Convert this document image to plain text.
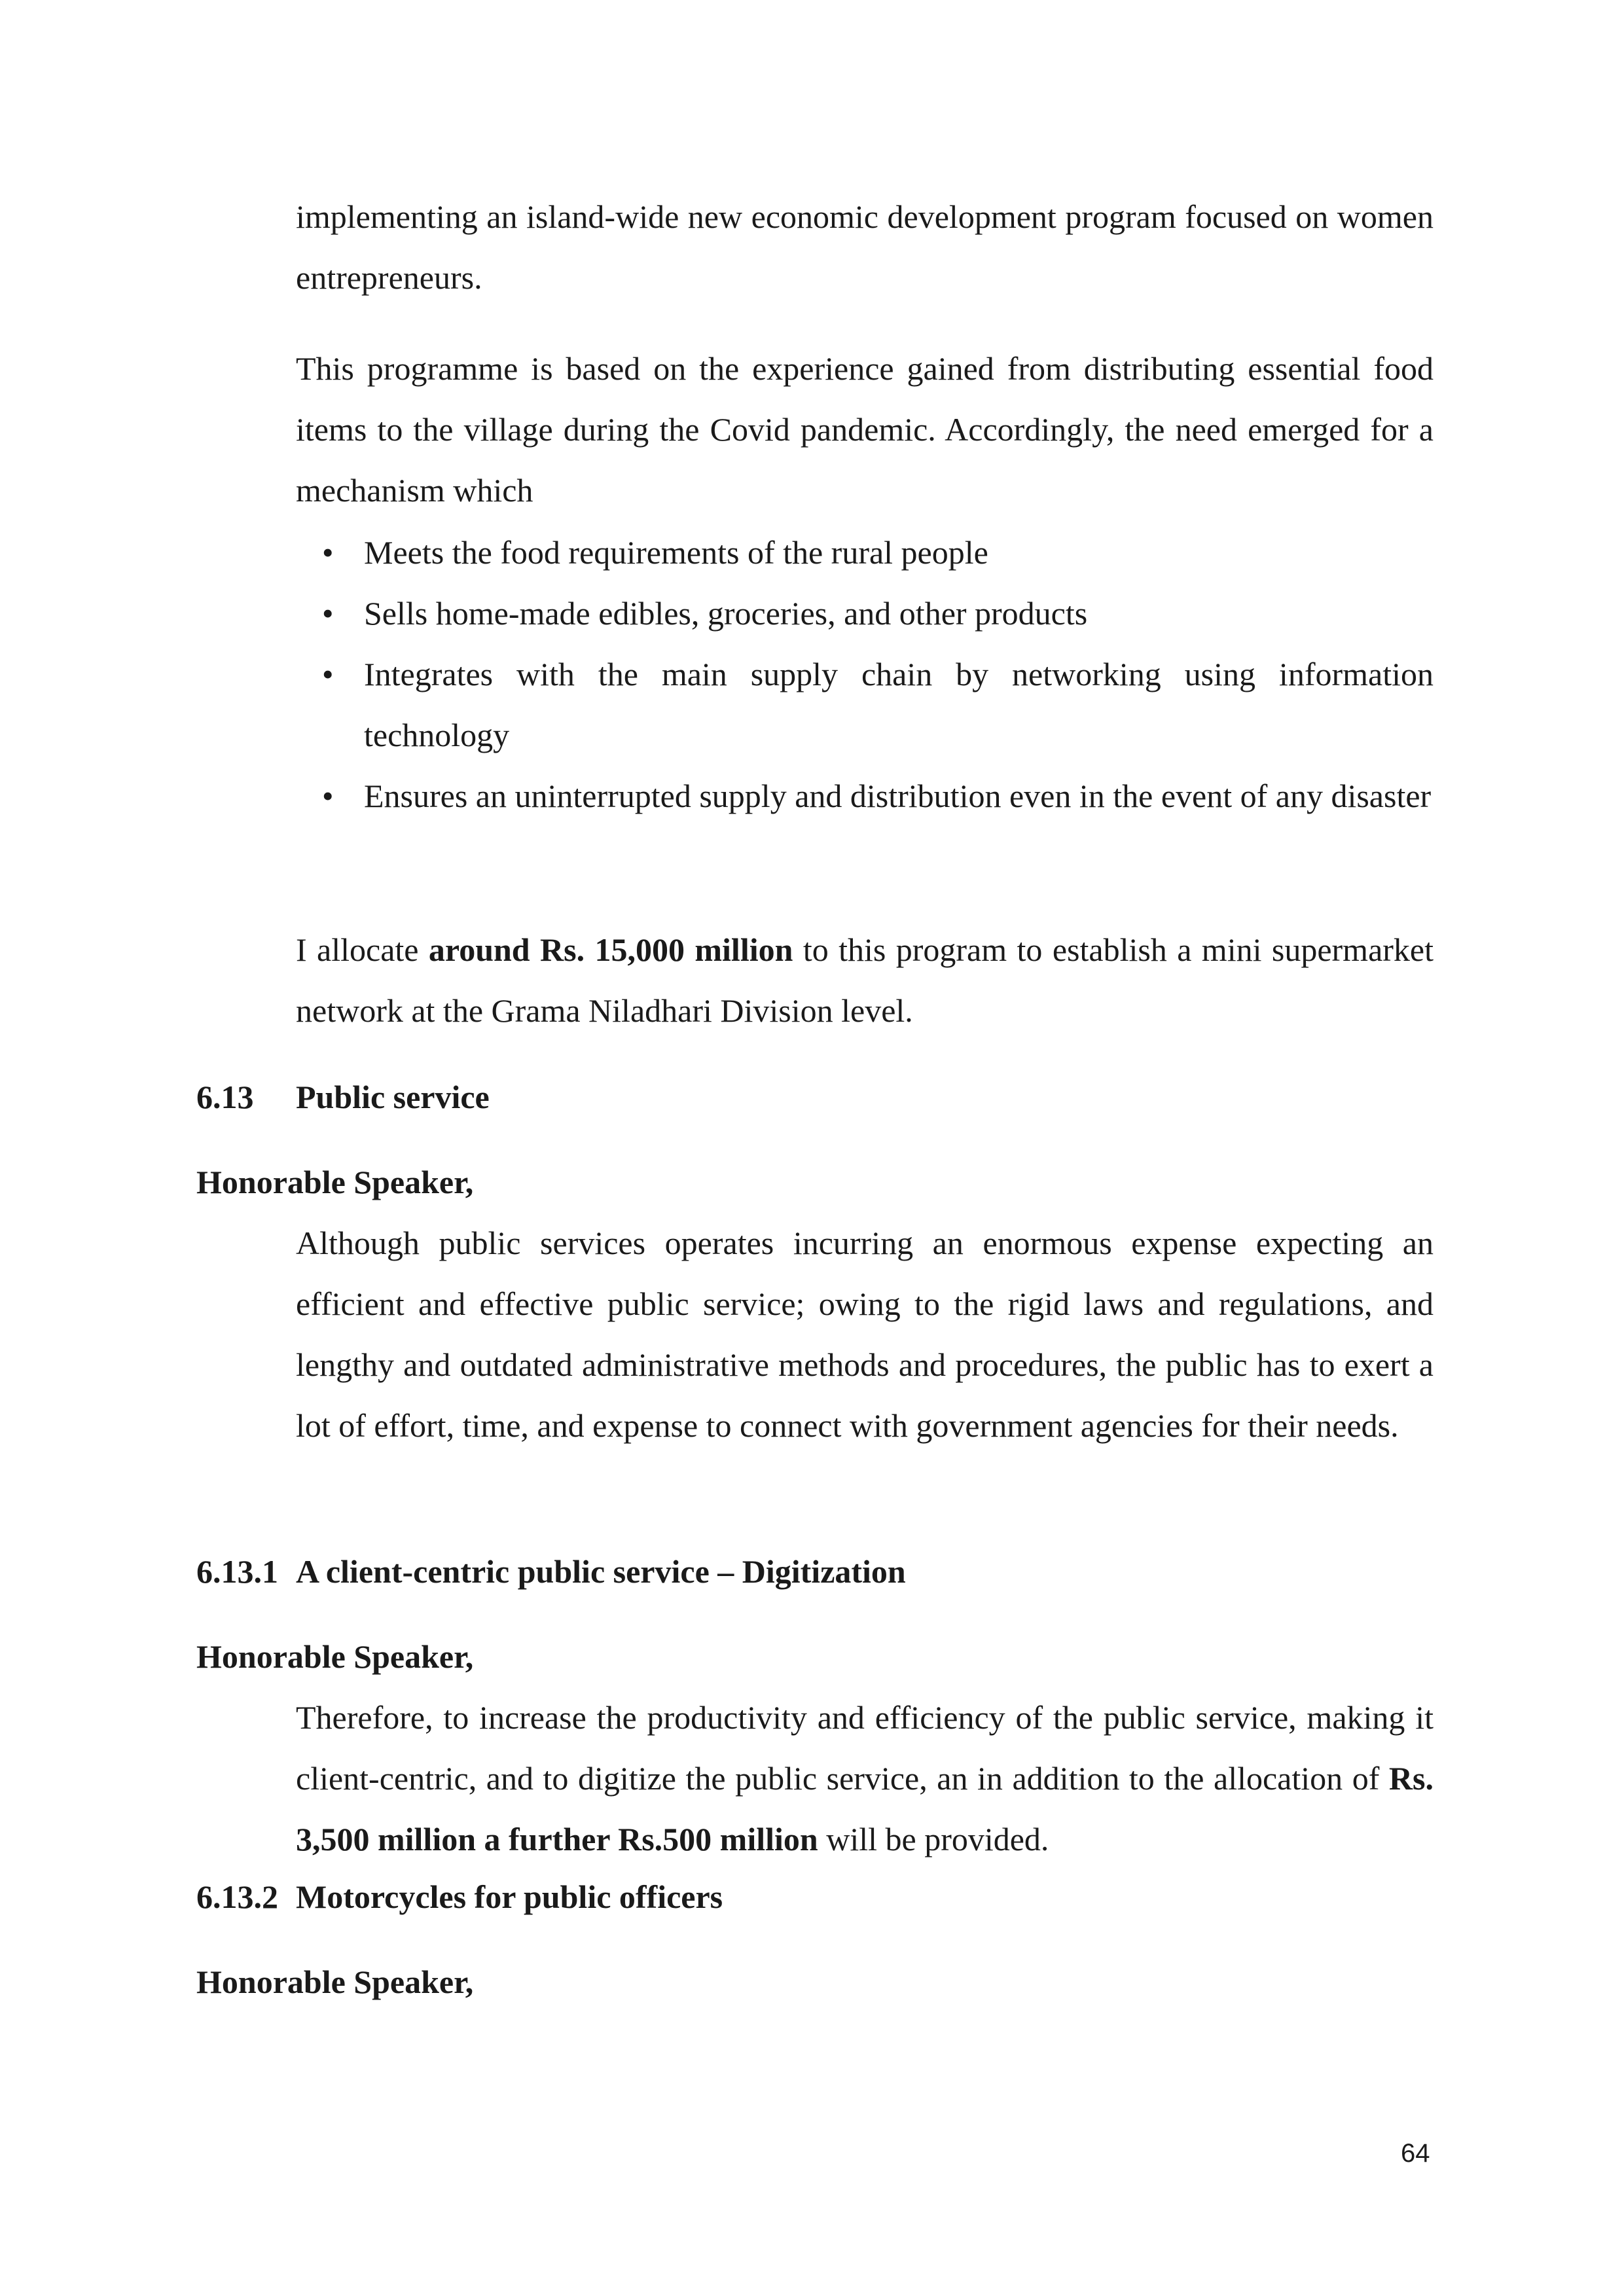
implementing an island-wide new economic development program focused on women entrepreneurs.

This programme is based on the experience gained from distributing essential food items to the village during the Covid pandemic. Accordingly, the need emerged for a mechanism which

• Meets the food requirements of the rural people
• Sells home-made edibles, groceries, and other products
• Integrates with the main supply chain by networking using information technology
• Ensures an uninterrupted supply and distribution even in the event of any disaster

I allocate around Rs. 15,000 million to this program to establish a mini supermarket network at the Grama Niladhari Division level.

6.13 Public service
Honorable Speaker,

Although public services operates incurring an enormous expense expecting an efficient and effective public service; owing to the rigid laws and regulations, and lengthy and outdated administrative methods and procedures, the public has to exert a lot of effort, time, and expense to connect with government agencies for their needs.

6.13.1 A client-centric public service – Digitization
Honorable Speaker,

Therefore, to increase the productivity and efficiency of the public service, making it client-centric, and to digitize the public service, an in addition to the allocation of Rs. 3,500 million a further Rs.500 million will be provided.

6.13.2 Motorcycles for public officers
Honorable Speaker,
64
